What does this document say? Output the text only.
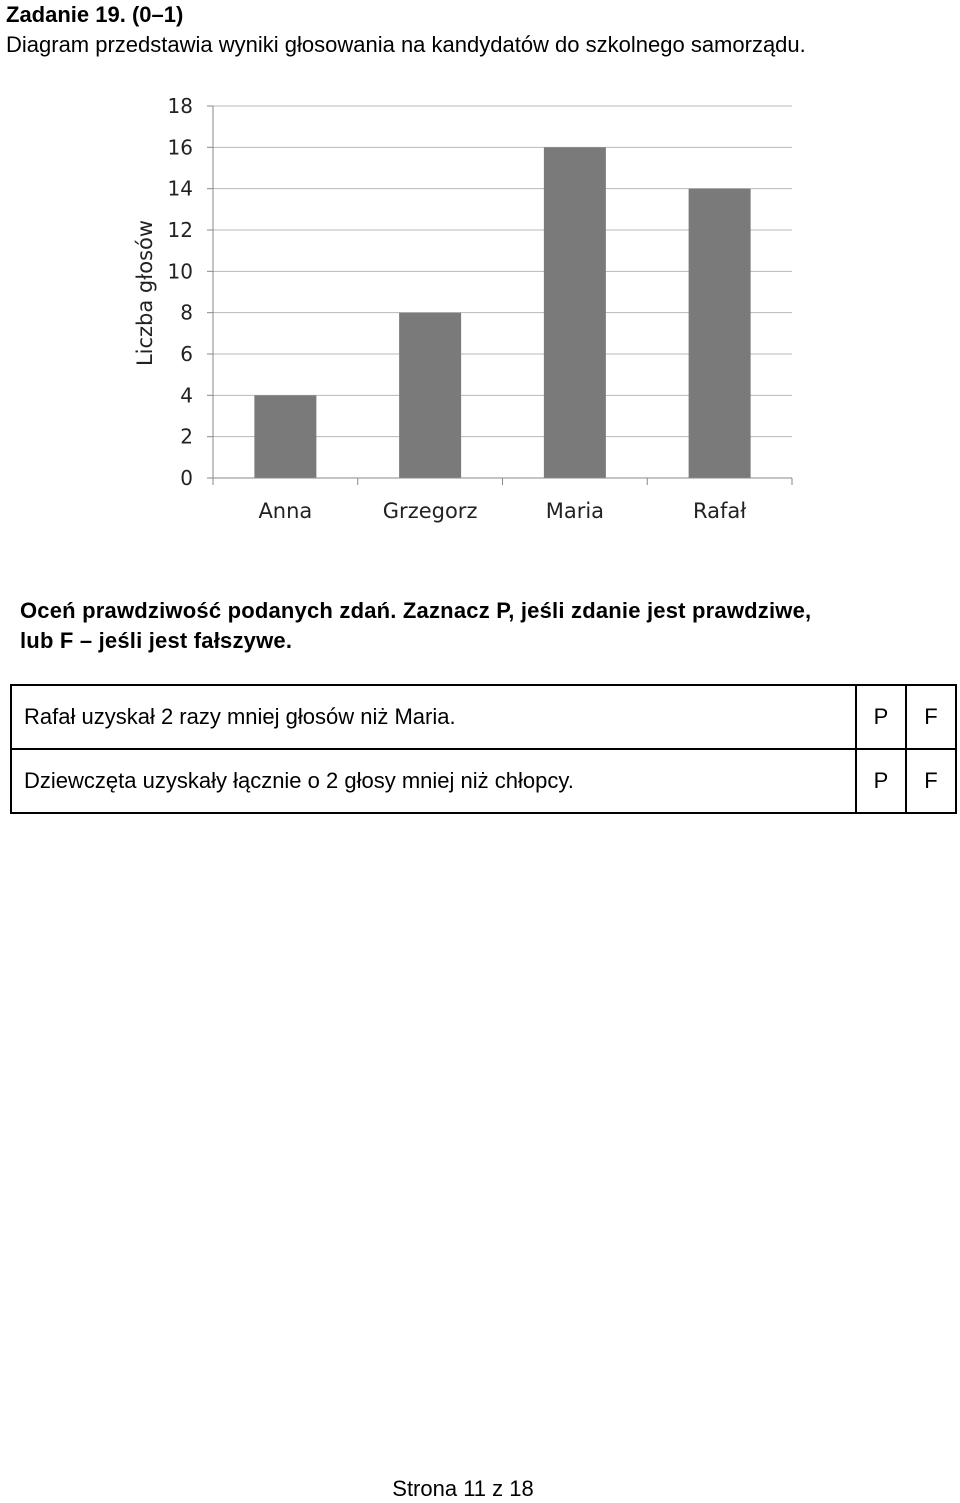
Zadanie 19. (0–1)
Diagram przedstawia wyniki głosowania na kandydatów do szkolnego samorządu.
0
2
4
6
8
10
12
14
16
18
Anna	Grzegorz	Maria	Rafał
Liczba głosów
Oceń prawdziwość podanych zdań. Zaznacz P, jeśli zdanie jest prawdziwe,
lub F – jeśli jest fałszywe.
Rafał uzyskał 2 razy mniej głosów niż Maria.	P	F
Dziewczęta uzyskały łącznie o 2 głosy mniej niż chłopcy.	P	F
Strona 11 z 18
